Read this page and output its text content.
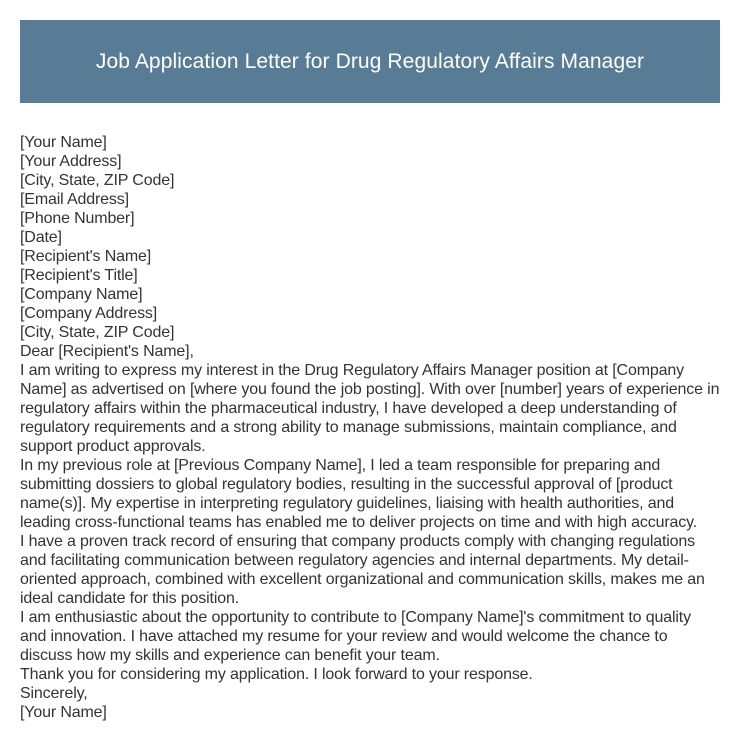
Job Application Letter for Drug Regulatory Affairs Manager
[Your Name]
[Your Address]
[City, State, ZIP Code]
[Email Address]
[Phone Number]
[Date]
[Recipient's Name]
[Recipient's Title]
[Company Name]
[Company Address]
[City, State, ZIP Code]

Dear [Recipient's Name],

I am writing to express my interest in the Drug Regulatory Affairs Manager position at [Company Name] as advertised on [where you found the job posting]. With over [number] years of experience in regulatory affairs within the pharmaceutical industry, I have developed a deep understanding of regulatory requirements and a strong ability to manage submissions, maintain compliance, and support product approvals.

In my previous role at [Previous Company Name], I led a team responsible for preparing and submitting dossiers to global regulatory bodies, resulting in the successful approval of [product name(s)]. My expertise in interpreting regulatory guidelines, liaising with health authorities, and leading cross-functional teams has enabled me to deliver projects on time and with high accuracy.

I have a proven track record of ensuring that company products comply with changing regulations and facilitating communication between regulatory agencies and internal departments. My detail-oriented approach, combined with excellent organizational and communication skills, makes me an ideal candidate for this position.

I am enthusiastic about the opportunity to contribute to [Company Name]'s commitment to quality and innovation. I have attached my resume for your review and would welcome the chance to discuss how my skills and experience can benefit your team.

Thank you for considering my application. I look forward to your response.

Sincerely,

[Your Name]
